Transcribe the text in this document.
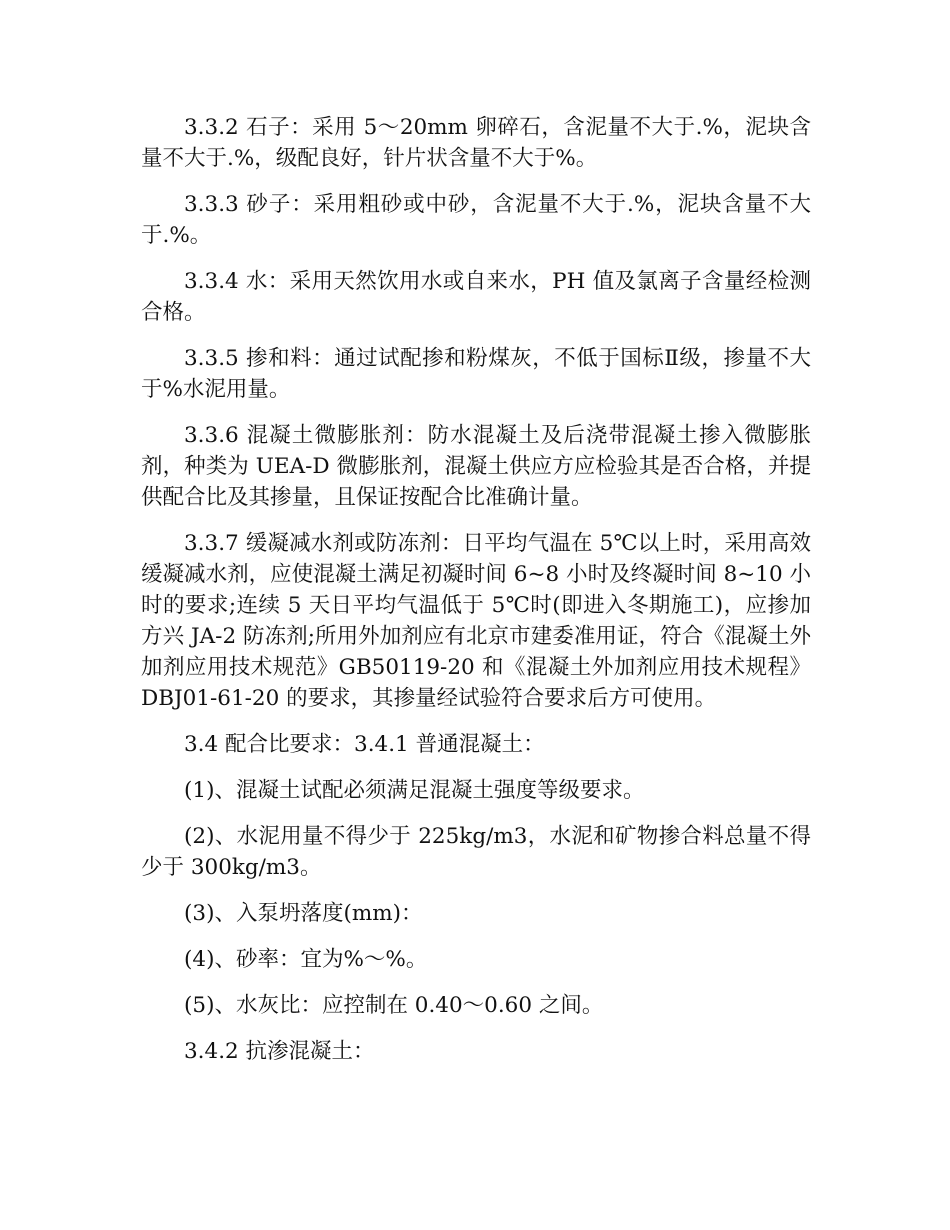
3.3.2 石子：采用 5～20mm 卵碎石，含泥量不大于.%，泥块含量不大于.%，级配良好，针片状含量不大于%。

3.3.3 砂子：采用粗砂或中砂，含泥量不大于.%，泥块含量不大于.%。

3.3.4 水：采用天然饮用水或自来水，PH 值及氯离子含量经检测合格。

3.3.5 掺和料：通过试配掺和粉煤灰，不低于国标Ⅱ级，掺量不大于%水泥用量。

3.3.6 混凝土微膨胀剂：防水混凝土及后浇带混凝土掺入微膨胀剂，种类为 UEA-D 微膨胀剂，混凝土供应方应检验其是否合格，并提供配合比及其掺量，且保证按配合比准确计量。

3.3.7 缓凝减水剂或防冻剂：日平均气温在 5℃以上时，采用高效缓凝减水剂，应使混凝土满足初凝时间 6~8 小时及终凝时间 8~10 小时的要求;连续 5 天日平均气温低于 5℃时(即进入冬期施工)，应掺加方兴 JA-2 防冻剂;所用外加剂应有北京市建委准用证，符合《混凝土外加剂应用技术规范》GB50119-20 和《混凝土外加剂应用技术规程》DBJ01-61-20 的要求，其掺量经试验符合要求后方可使用。

3.4 配合比要求：3.4.1 普通混凝土：

(1)、混凝土试配必须满足混凝土强度等级要求。

(2)、水泥用量不得少于 225kg/m3，水泥和矿物掺合料总量不得少于 300kg/m3。

(3)、入泵坍落度(mm)：

(4)、砂率：宜为%～%。

(5)、水灰比：应控制在 0.40～0.60 之间。

3.4.2 抗渗混凝土：
